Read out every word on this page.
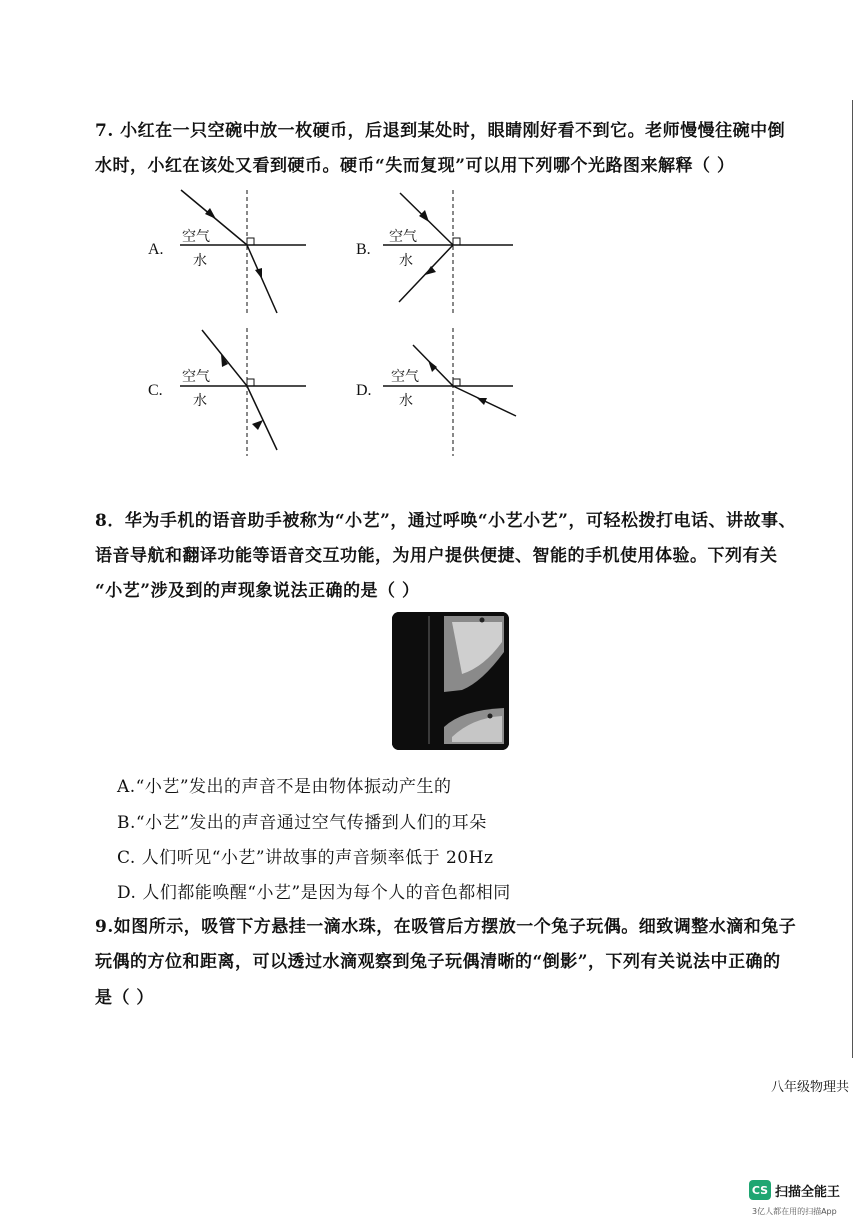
7. 小红在一只空碗中放一枚硬币，后退到某处时，眼睛刚好看不到它。老师慢慢往碗中倒
水时，小红在该处又看到硬币。硬币“失而复现”可以用下列哪个光路图来解释（ ）
A.
空气
水
B.
空气
水
C.
空气
水
D.
空气
水
8．华为手机的语音助手被称为“小艺”，通过呼唤“小艺小艺”，可轻松拨打电话、讲故事、
语音导航和翻译功能等语音交互功能，为用户提供便捷、智能的手机使用体验。下列有关
“小艺”涉及到的声现象说法正确的是（ ）
A.“小艺”发出的声音不是由物体振动产生的
B.“小艺”发出的声音通过空气传播到人们的耳朵
C. 人们听见“小艺”讲故事的声音频率低于 20Hz
D. 人们都能唤醒“小艺”是因为每个人的音色都相同
9.如图所示，吸管下方悬挂一滴水珠，在吸管后方摆放一个兔子玩偶。细致调整水滴和兔子
玩偶的方位和距离，可以透过水滴观察到兔子玩偶清晰的“倒影”，下列有关说法中正确的
是（ ）
八年级物理共
CS 扫描全能王
3亿人都在用的扫描App
